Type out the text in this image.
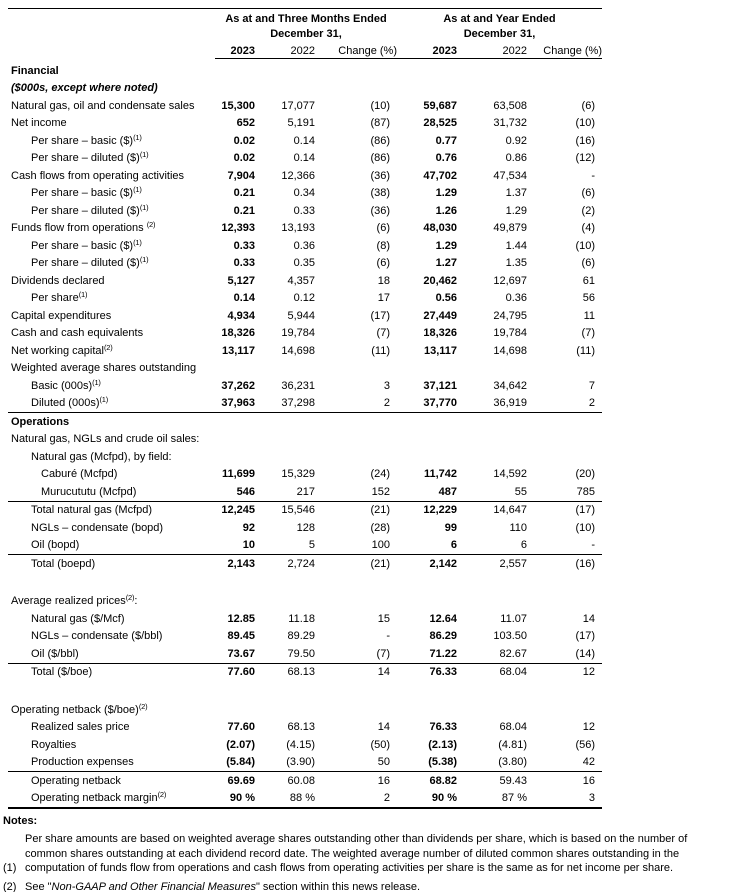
As at and Three Months Ended
December 31,
As at and Year Ended
December 31,
2023	2022	Change (%)	2023	2022	Change (%)
Financial
($000s, except where noted)
Natural gas, oil and condensate sales	15,300	17,077	(10)	59,687	63,508	(6)
Net income	652	5,191	(87)	28,525	31,732	(10)
Per share – basic ($)$^{(1)}$	0.02	0.14	(86)	0.77	0.92	(16)
Per share – diluted ($)$^{(1)}$	0.02	0.14	(86)	0.76	0.86	(12)
Cash flows from operating activities	7,904	12,366	(36)	47,702	47,534	-
Per share – basic ($)$^{(1)}$	0.21	0.34	(38)	1.29	1.37	(6)
Per share – diluted ($)$^{(1)}$	0.21	0.33	(36)	1.26	1.29	(2)
Funds flow from operations $^{(2)}$	12,393	13,193	(6)	48,030	49,879	(4)
Per share – basic ($)$^{(1)}$	0.33	0.36	(8)	1.29	1.44	(10)
Per share – diluted ($)$^{(1)}$	0.33	0.35	(6)	1.27	1.35	(6)
Dividends declared	5,127	4,357	18	20,462	12,697	61
Per share$^{(1)}$	0.14	0.12	17	0.56	0.36	56
Capital expenditures	4,934	5,944	(17)	27,449	24,795	11
Cash and cash equivalents	18,326	19,784	(7)	18,326	19,784	(7)
Net working capital$^{(2)}$	13,117	14,698	(11)	13,117	14,698	(11)
Weighted average shares outstanding
Basic $(000s)^{(1)}$	37,262	36,231	3	37,121	34,642	7
Diluted $(000s)^{(1)}$	37,963	37,298	2	37,770	36,919	2
Operations
Natural gas, NGLs and crude oil sales:
Natural gas (Mcfpd), by field:
Caburé (Mcfpd)	11,699	15,329	(24)	11,742	14,592	(20)
Murucututu (Mcfpd)	546	217	152	487	55	785
Total natural gas (Mcfpd)	12,245	15,546	(21)	12,229	14,647	(17)
NGLs – condensate (bopd)	92	128	(28)	99	110	(10)
Oil (bopd)	10	5	100	6	6	-
Total (boepd)	2,143	2,724	(21)	2,142	2,557	(16)
Average realized prices$^{(2)}$:
Natural gas ($/Mcf)	12.85	11.18	15	12.64	11.07	14
NGLs – condensate ($/bbl)	89.45	89.29	-	86.29	103.50	(17)
Oil ($/bbl)	73.67	79.50	(7)	71.22	82.67	(14)
Total ($/boe)	77.60	68.13	14	76.33	68.04	12
Operating netback ($/boe)$^{(2)}$
Realized sales price	77.60	68.13	14	76.33	68.04	12
Royalties	(2.07)	(4.15)	(50)	(2.13)	(4.81)	(56)
Production expenses	(5.84)	(3.90)	50	(5.38)	(3.80)	42
Operating netback	69.69	60.08	16	68.82	59.43	16
Operating netback margin$^{(2)}$	90 %	88 %	2	90 %	87 %	3
Notes:
(1)
Per share amounts are based on weighted average shares outstanding other than dividends per share, which is based on the number of common shares outstanding at each dividend record date. The weighted average number of diluted common shares outstanding in the computation of funds flow from operations and cash flows from operating activities per share is the same as for net income per share.
(2) See "Non-GAAP and Other Financial Measures" section within this news release.
